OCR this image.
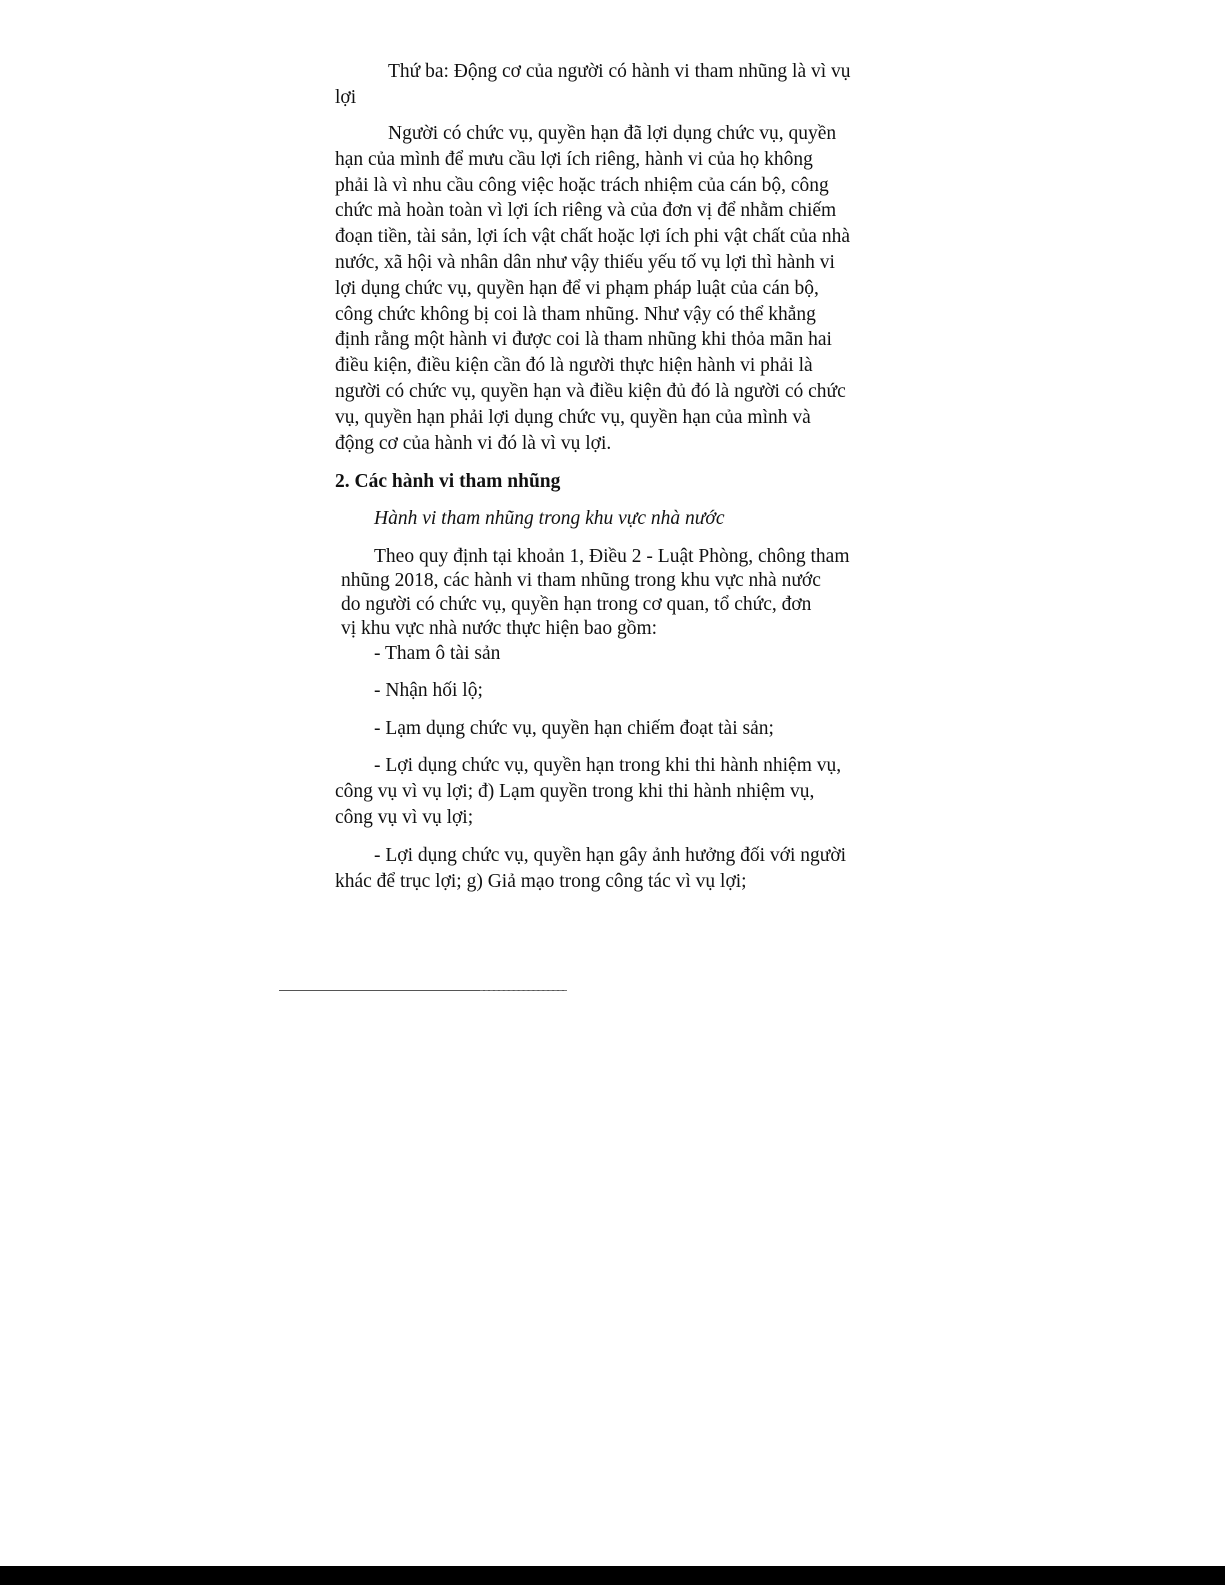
Thứ ba: Động cơ của người có hành vi tham nhũng là vì vụ
lợi

Người có chức vụ, quyền hạn đã lợi dụng chức vụ, quyền
hạn của mình để mưu cầu lợi ích riêng, hành vi của họ không
phải là vì nhu cầu công việc hoặc trách nhiệm của cán bộ, công
chức mà hoàn toàn vì lợi ích riêng và của đơn vị để nhằm chiếm
đoạn tiền, tài sản, lợi ích vật chất hoặc lợi ích phi vật chất của nhà
nước, xã hội và nhân dân như vậy thiếu yếu tố vụ lợi thì hành vi
lợi dụng chức vụ, quyền hạn để vi phạm pháp luật của cán bộ,
công chức không bị coi là tham nhũng. Như vậy có thể khẳng
định rằng một hành vi được coi là tham nhũng khi thỏa mãn hai
điều kiện, điều kiện cần đó là người thực hiện hành vi phải là
người có chức vụ, quyền hạn và điều kiện đủ đó là người có chức
vụ, quyền hạn phải lợi dụng chức vụ, quyền hạn của mình và
động cơ của hành vi đó là vì vụ lợi.

2. Các hành vi tham nhũng

Hành vi tham nhũng trong khu vực nhà nước

Theo quy định tại khoản 1, Điều 2 - Luật Phòng, chông tham
nhũng 2018, các hành vi tham nhũng trong khu vực nhà nước
do người có chức vụ, quyền hạn trong cơ quan, tổ chức, đơn
vị khu vực nhà nước thực hiện bao gồm:

- Tham ô tài sản

- Nhận hối lộ;

- Lạm dụng chức vụ, quyền hạn chiếm đoạt tài sản;

- Lợi dụng chức vụ, quyền hạn trong khi thi hành nhiệm vụ,
công vụ vì vụ lợi; đ) Lạm quyền trong khi thi hành nhiệm vụ,
công vụ vì vụ lợi;

- Lợi dụng chức vụ, quyền hạn gây ảnh hưởng đối với người
khác để trục lợi; g) Giả mạo trong công tác vì vụ lợi;
